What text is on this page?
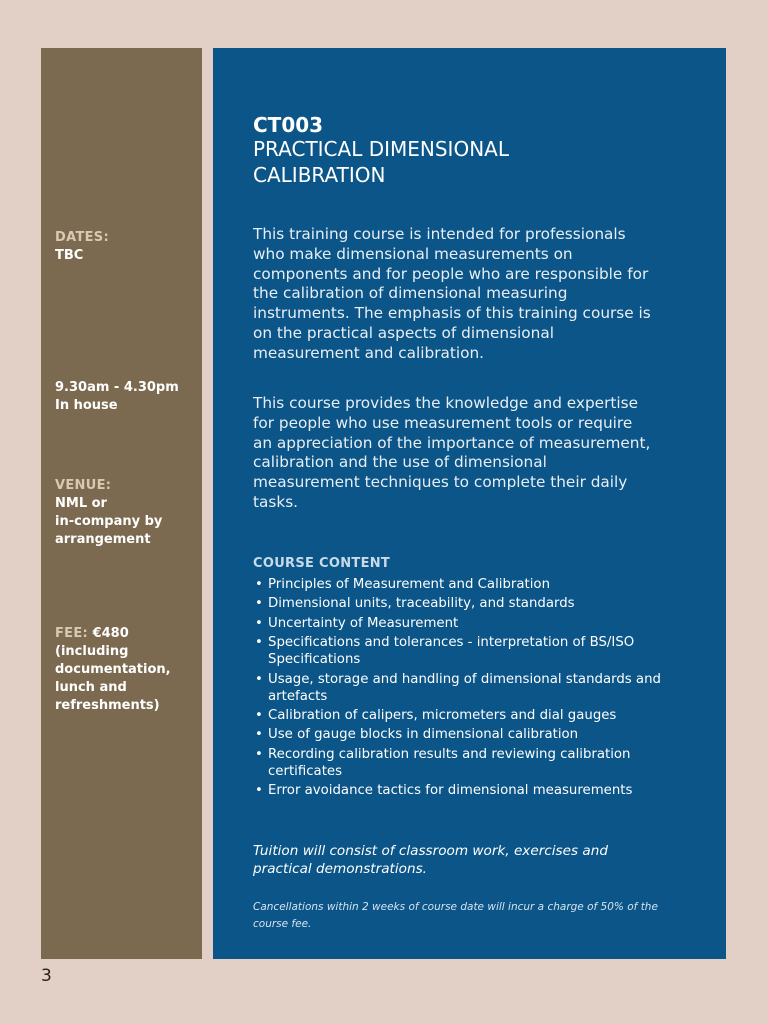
DATES:
TBC
9.30am - 4.30pm
In house
VENUE:
NML or
in-company by
arrangement
FEE: €480
(including
documentation,
lunch and
refreshments)
CT003
PRACTICAL DIMENSIONAL
CALIBRATION
This training course is intended for professionals who make dimensional measurements on components and for people who are responsible for the calibration of dimensional measuring instruments. The emphasis of this training course is on the practical aspects of dimensional measurement and calibration.
This course provides the knowledge and expertise for people who use measurement tools or require an appreciation of the importance of measurement, calibration and the use of dimensional measurement techniques to complete their daily tasks.
COURSE CONTENT
• Principles of Measurement and Calibration
• Dimensional units, traceability, and standards
• Uncertainty of Measurement
• Specifications and tolerances - interpretation of BS/ISO Specifications
• Usage, storage and handling of dimensional standards and artefacts
• Calibration of calipers, micrometers and dial gauges
• Use of gauge blocks in dimensional calibration
• Recording calibration results and reviewing calibration certificates
• Error avoidance tactics for dimensional measurements
Tuition will consist of classroom work, exercises and practical demonstrations.
Cancellations within 2 weeks of course date will incur a charge of 50% of the course fee.
3
